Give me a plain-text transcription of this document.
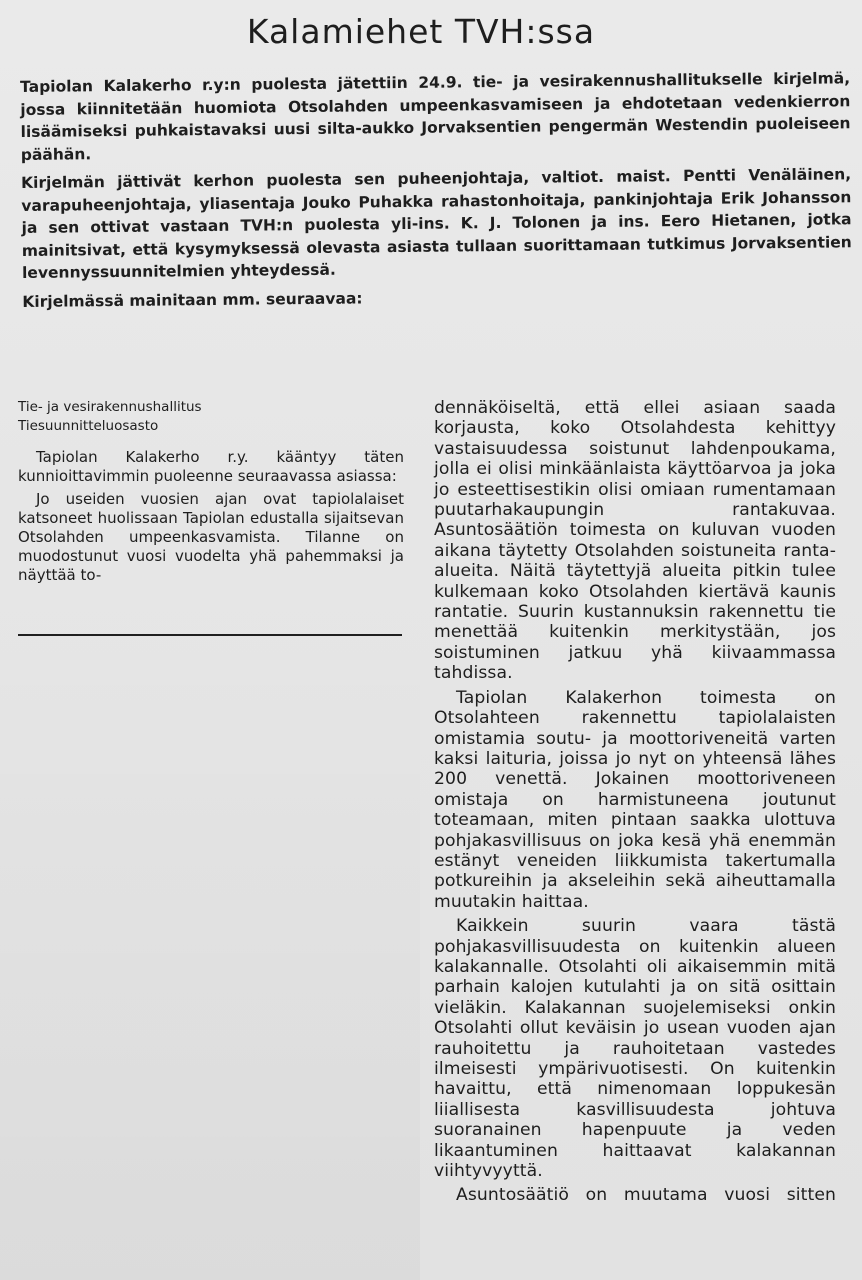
Kalamiehet TVH:ssa

Tapiolan Kalakerho r.y:n puolesta jätettiin 24.9. tie- ja vesirakennushallitukselle kirjelmä, jossa kiinnitetään huomiota Otsolahden umpeenkasvamiseen ja ehdotetaan vedenkierron lisäämiseksi puhkaistavaksi uusi silta-aukko Jorvaksentien pengermän Westendin puoleiseen päähän.

Kirjelmän jättivät kerhon puolesta sen puheenjohtaja, valtiot. maist. Pentti Venäläinen, varapuheenjohtaja, yliasentaja Jouko Puhakka rahastonhoitaja, pankinjohtaja Erik Johansson ja sen ottivat vastaan TVH:n puolesta yli-ins. K. J. Tolonen ja ins. Eero Hietanen, jotka mainitsivat, että kysymyksessä olevasta asiasta tullaan suorittamaan tutkimus Jorvaksentien levennyssuunnitelmien yhteydessä.

Kirjelmässä mainitaan mm. seuraavaa:

Tie- ja vesirakennushallitus
Tiesuunnitteluosasto

Tapiolan Kalakerho r.y. kääntyy täten kunnioittavimmin puoleenne seuraavassa asiassa:

Jo useiden vuosien ajan ovat tapiolalaiset katsoneet huolissaan Tapiolan edustalla sijaitsevan Otsolahden umpeenkasvamista. Tilanne on muodostunut vuosi vuodelta yhä pahemmaksi ja näyttää to-

dennäköiseltä, että ellei asiaan saada korjausta, koko Otsolahdesta kehittyy vastaisuudessa soistunut lahdenpoukama, jolla ei olisi minkäänlaista käyttöarvoa ja joka jo esteettisestikin olisi omiaan rumentamaan puutarhakaupungin rantakuvaa. Asuntosäätiön toimesta on kuluvan vuoden aikana täytetty Otsolahden soistuneita ranta-alueita. Näitä täytettyjä alueita pitkin tulee kulkemaan koko Otsolahden kiertävä kaunis rantatie. Suurin kustannuksin rakennettu tie menettää kuitenkin merkitystään, jos soistuminen jatkuu yhä kiivaammassa tahdissa.

Tapiolan Kalakerhon toimesta on Otsolahteen rakennettu tapiolalaisten omistamia soutu- ja moottoriveneitä varten kaksi laituria, joissa jo nyt on yhteensä lähes 200 venettä. Jokainen moottoriveneen omistaja on harmistuneena joutunut toteamaan, miten pintaan saakka ulottuva pohjakasvillisuus on joka kesä yhä enemmän estänyt veneiden liikkumista takertumalla potkureihin ja akseleihin sekä aiheuttamalla muutakin haittaa.

Kaikkein suurin vaara tästä pohjakasvillisuudesta on kuitenkin alueen kalakannalle. Otsolahti oli aikaisemmin mitä parhain kalojen kutulahti ja on sitä osittain vieläkin. Kalakannan suojelemiseksi onkin Otsolahti ollut keväisin jo usean vuoden ajan rauhoitettu ja rauhoitetaan vastedes ilmeisesti ympärivuotisesti. On kuitenkin havaittu, että nimenomaan loppukesän liiallisesta kasvillisuudesta johtuva suoranainen hapenpuute ja veden likaantuminen haittaavat kalakannan viihtyvyyttä.

Asuntosäätiö on muutama vuosi sitten
